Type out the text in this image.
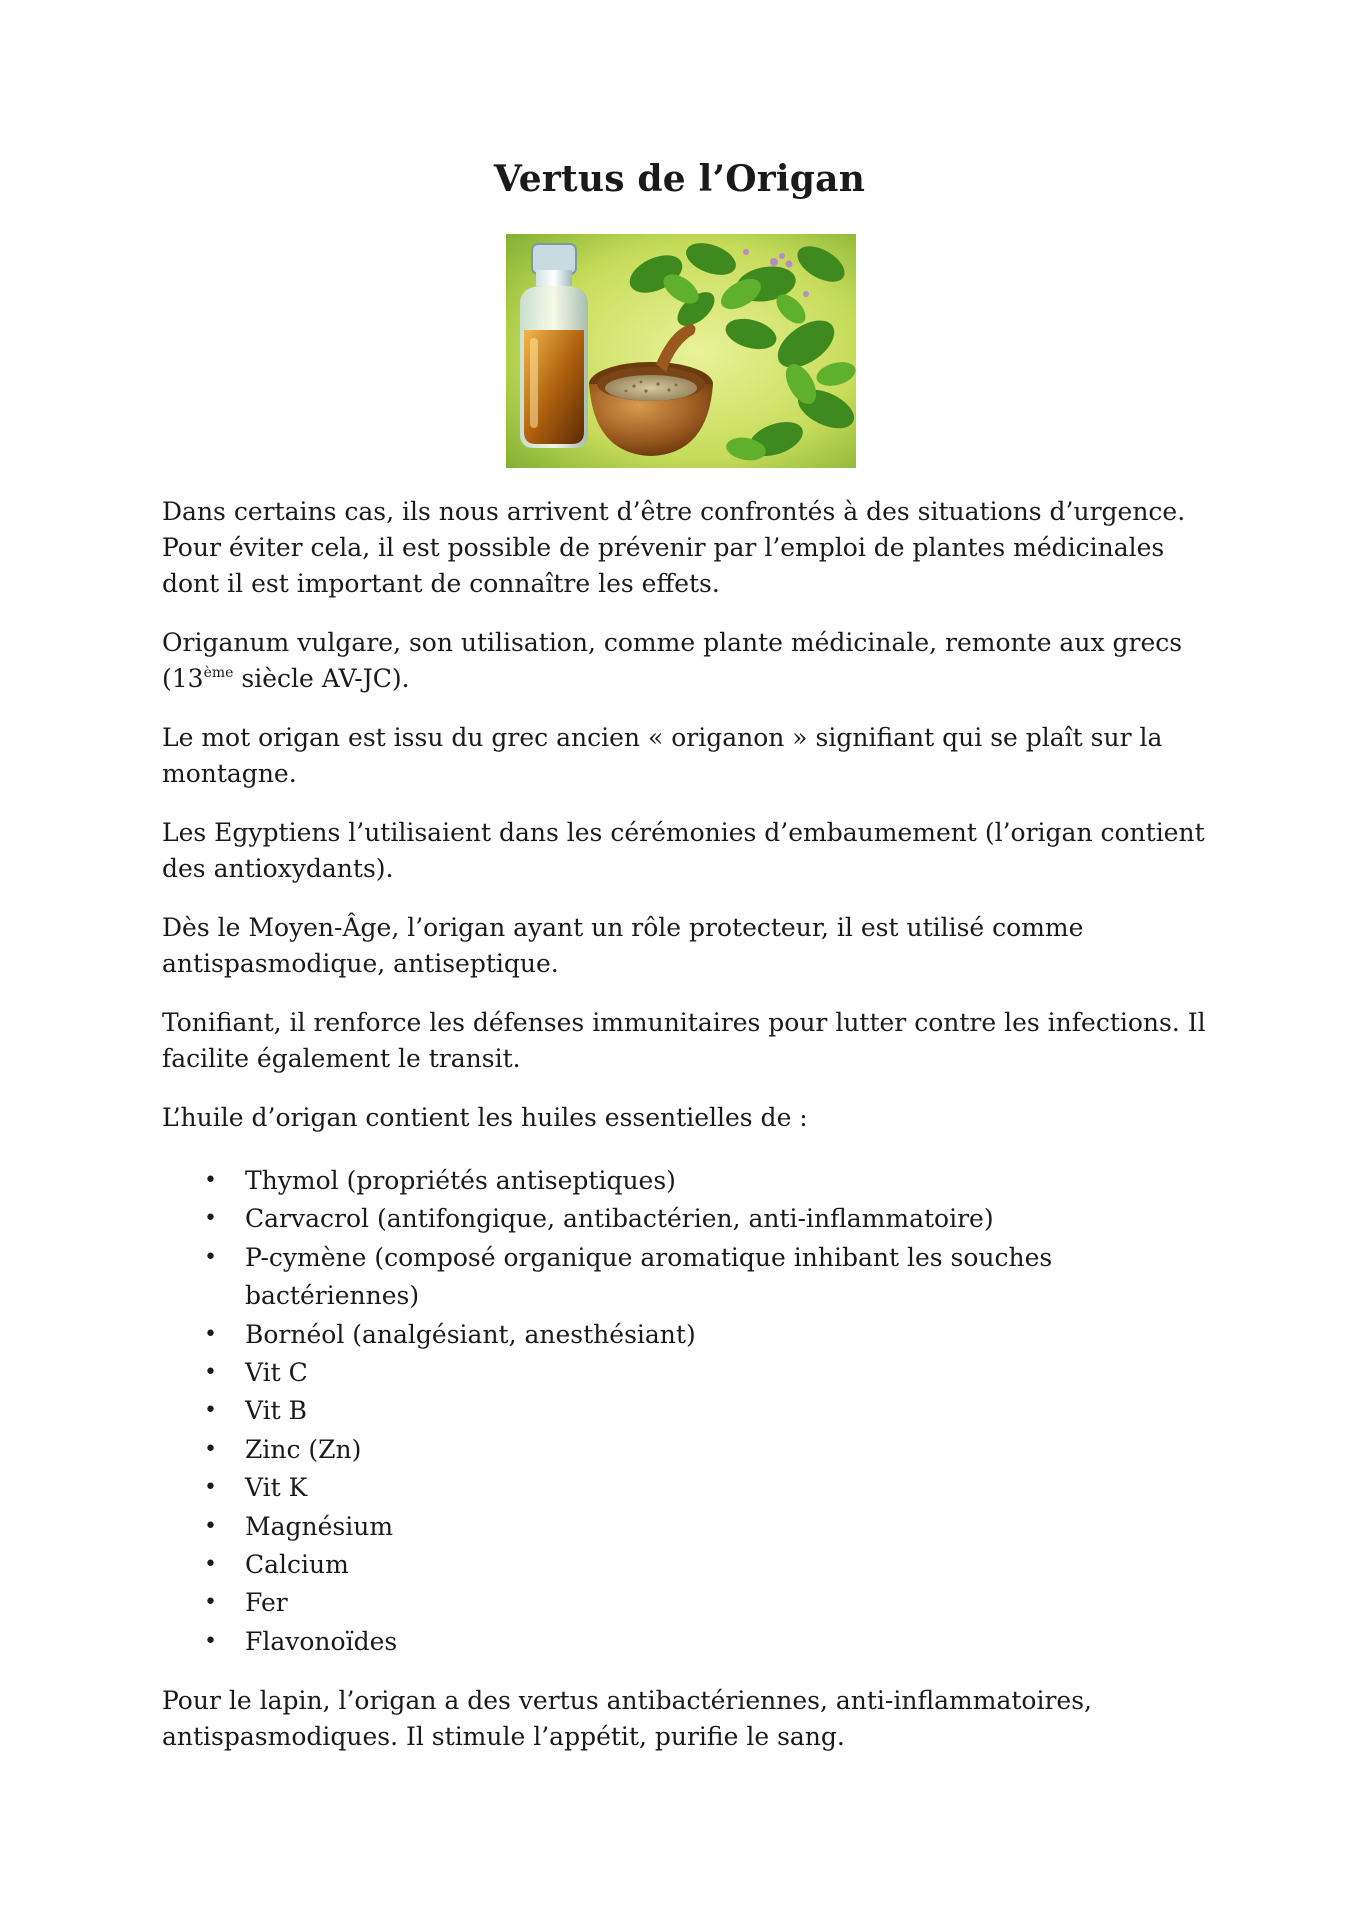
Vertus de l’Origan

Dans certains cas, ils nous arrivent d’être confrontés à des situations d’urgence. Pour éviter cela, il est possible de prévenir par l’emploi de plantes médicinales dont il est important de connaître les effets.

Origanum vulgare, son utilisation, comme plante médicinale, remonte aux grecs (13ème siècle AV-JC).

Le mot origan est issu du grec ancien « origanon » signifiant qui se plaît sur la montagne.

Les Egyptiens l’utilisaient dans les cérémonies d’embaumement (l’origan contient des antioxydants).

Dès le Moyen-Âge, l’origan ayant un rôle protecteur, il est utilisé comme antispasmodique, antiseptique.

Tonifiant, il renforce les défenses immunitaires pour lutter contre les infections. Il facilite également le transit.

L’huile d’origan contient les huiles essentielles de :

• Thymol (propriétés antiseptiques)
• Carvacrol (antifongique, antibactérien, anti-inflammatoire)
• P-cymène (composé organique aromatique inhibant les souches bactériennes)
• Bornéol (analgésiant, anesthésiant)
• Vit C
• Vit B
• Zinc (Zn)
• Vit K
• Magnésium
• Calcium
• Fer
• Flavonoïdes

Pour le lapin, l’origan a des vertus antibactériennes, anti-inflammatoires, antispasmodiques. Il stimule l’appétit, purifie le sang.
